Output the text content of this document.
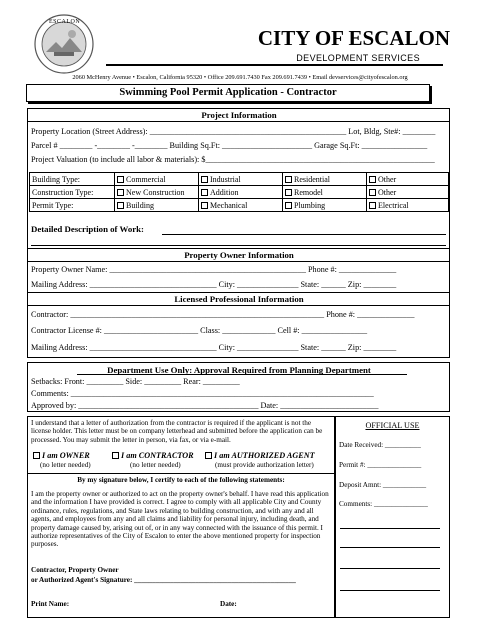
ESCALON
CITY OF ESCALON
DEVELOPMENT SERVICES
2060 McHenry Avenue • Escalon, California 95320 • Office 209.691.7430 Fax 209.691.7439 • Email devservices@cityofescalon.org
Swimming Pool Permit Application - Contractor
Project Information
Property Location (Street Address): ________________________________________________ Lot, Bldg, Ste#: ________
Parcel # ________ -________ -________ Building Sq.Ft: ______________________ Garage Sq.Ft: ________________
Project Valuation (to include all labor & materials): $________________________________________________________
Building Type:	Commercial	Industrial	Residential	Other
Construction Type:	New Construction	Addition	Remodel	Other
Permit Type:	Building	Mechanical	Plumbing	Electrical
Detailed Description of Work:
Property Owner Information
Property Owner Name: ________________________________________________ Phone #: ______________
Mailing Address: _______________________________ City: _______________ State: ______ Zip: ________
Licensed Professional Information
Contractor: ______________________________________________________________ Phone #: ______________
Contractor License #: _______________________ Class: _____________ Cell #: ________________
Mailing Address: _______________________________ City: _______________ State: ______ Zip: ________
Department Use Only: Approval Required from Planning Department
Setbacks: Front: _________ Side: _________ Rear: _________
Comments: __________________________________________________________________________
Approved by: ____________________________________________ Date: ________________________
I understand that a letter of authorization from the contractor is required if the applicant is not the license holder. This letter must be on company letterhead and submitted before the application can be processed. You may submit the letter in person, via fax, or via e-mail.
I am OWNER
(no letter needed)
I am CONTRACTOR
(no letter needed)
I am AUTHORIZED AGENT
(must provide authorization letter)
By my signature below, I certify to each of the following statements:
I am the property owner or authorized to act on the property owner's behalf. I have read this application and the information I have provided is correct. I agree to comply with all applicable City and County ordinance, rules, regulations, and State laws relating to building construction, and with any and all agents, and employees from any and all claims and liability for personal injury, including death, and property damage caused by, arising out of, or in any way connected with the issuance of this permit. I authorize representatives of the City of Escalon to enter the above mentioned property for inspection purposes.
Contractor, Property Owner
or Authorized Agent's Signature: _____________________________________________
Print Name:	Date:
OFFICIAL USE
Date Received: __________
Permit #: _______________
Deposit Amnt: ____________
Comments: _______________
